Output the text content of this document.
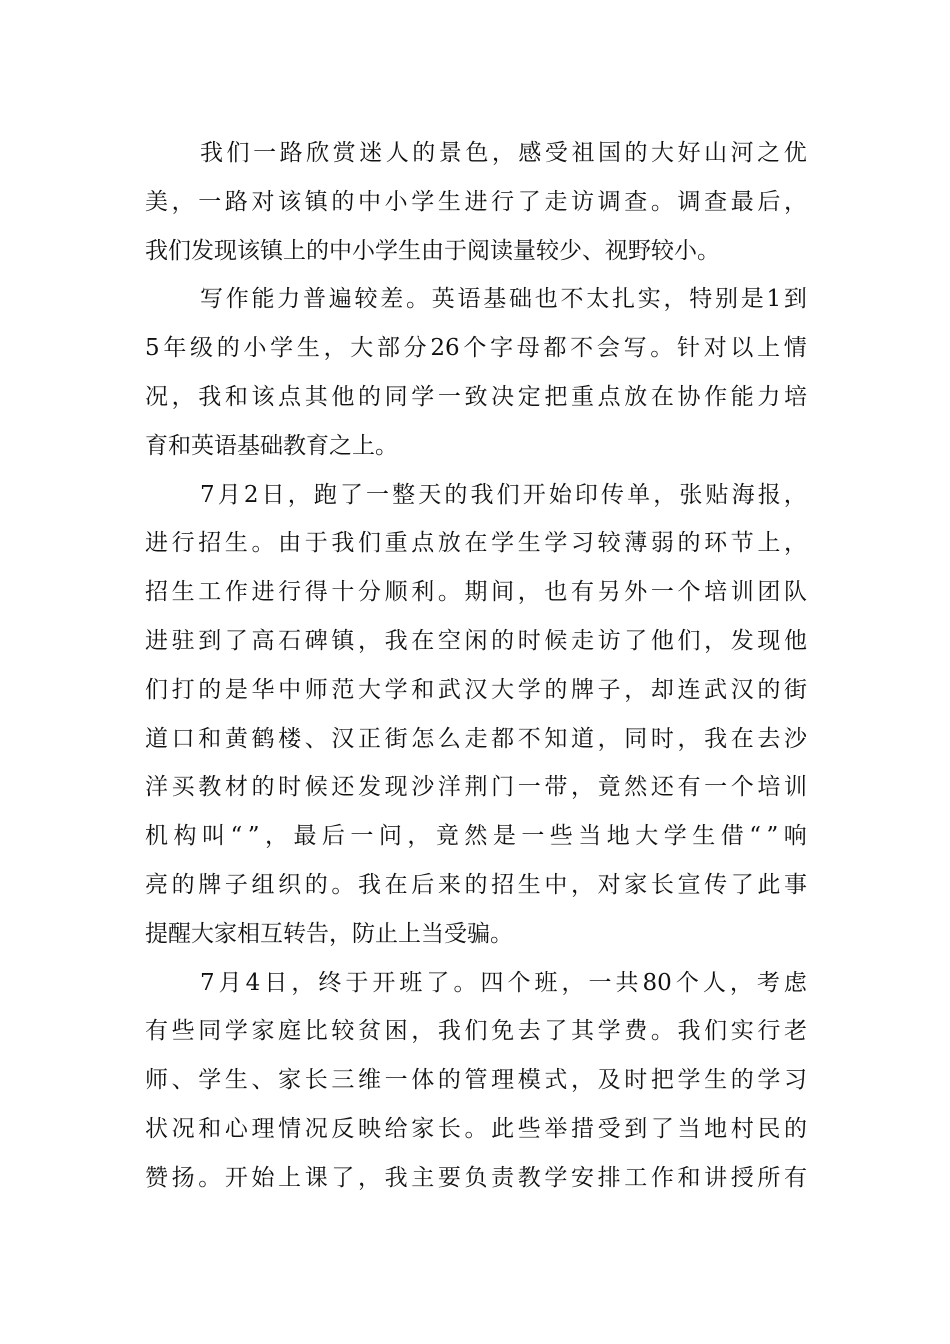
我 们 一 路 欣 赏 迷 人 的 景 色 ， 感 受 祖 国 的 大 好 山 河 之 优
美 ， 一 路 对 该 镇 的 中 小 学 生 进 行 了 走 访 调 查 。 调 查 最 后 ，
我们发现该镇上的中小学生由于阅读量较少、视野较小。
写 作 能 力 普 遍 较 差 。 英 语 基 础 也 不 太 扎 实 ， 特 别 是 1 到
5 年 级 的 小 学 生 ， 大 部 分 26 个 字 母 都 不 会 写 。 针 对 以 上 情
况 ， 我 和 该 点 其 他 的 同 学 一 致 决 定 把 重 点 放 在 协 作 能 力 培
育和英语基础教育之上。
7 月 2 日 ， 跑 了 一 整 天 的 我 们 开 始 印 传 单 ， 张 贴 海 报 ，
进 行 招 生 。 由 于 我 们 重 点 放 在 学 生 学 习 较 薄 弱 的 环 节 上 ，
招 生 工 作 进 行 得 十 分 顺 利 。 期 间 ， 也 有 另 外 一 个 培 训 团 队
进 驻 到 了 高 石 碑 镇 ， 我 在 空 闲 的 时 候 走 访 了 他 们 ， 发 现 他
们 打 的 是 华 中 师 范 大 学 和 武 汉 大 学 的 牌 子 ， 却 连 武 汉 的 街
道 口 和 黄 鹤 楼 、 汉 正 街 怎 么 走 都 不 知 道 ， 同 时 ， 我 在 去 沙
洋 买 教 材 的 时 候 还 发 现 沙 洋 荆 门 一 带 ， 竟 然 还 有 一 个 培 训
机 构 叫 “ ” ， 最 后 一 问 ， 竟 然 是 一 些 当 地 大 学 生 借 “ ” 响
亮 的 牌 子 组 织 的 。 我 在 后 来 的 招 生 中 ， 对 家 长 宣 传 了 此 事
提醒大家相互转告，防止上当受骗。
7 月 4 日 ， 终 于 开 班 了 。 四 个 班 ， 一 共 80 个 人 ， 考 虑
有 些 同 学 家 庭 比 较 贫 困 ， 我 们 免 去 了 其 学 费 。 我 们 实 行 老
师 、 学 生 、 家 长 三 维 一 体 的 管 理 模 式 ， 及 时 把 学 生 的 学 习
状 况 和 心 理 情 况 反 映 给 家 长 。 此 些 举 措 受 到 了 当 地 村 民 的
赞 扬 。 开 始 上 课 了 ， 我 主 要 负 责 教 学 安 排 工 作 和 讲 授 所 有
